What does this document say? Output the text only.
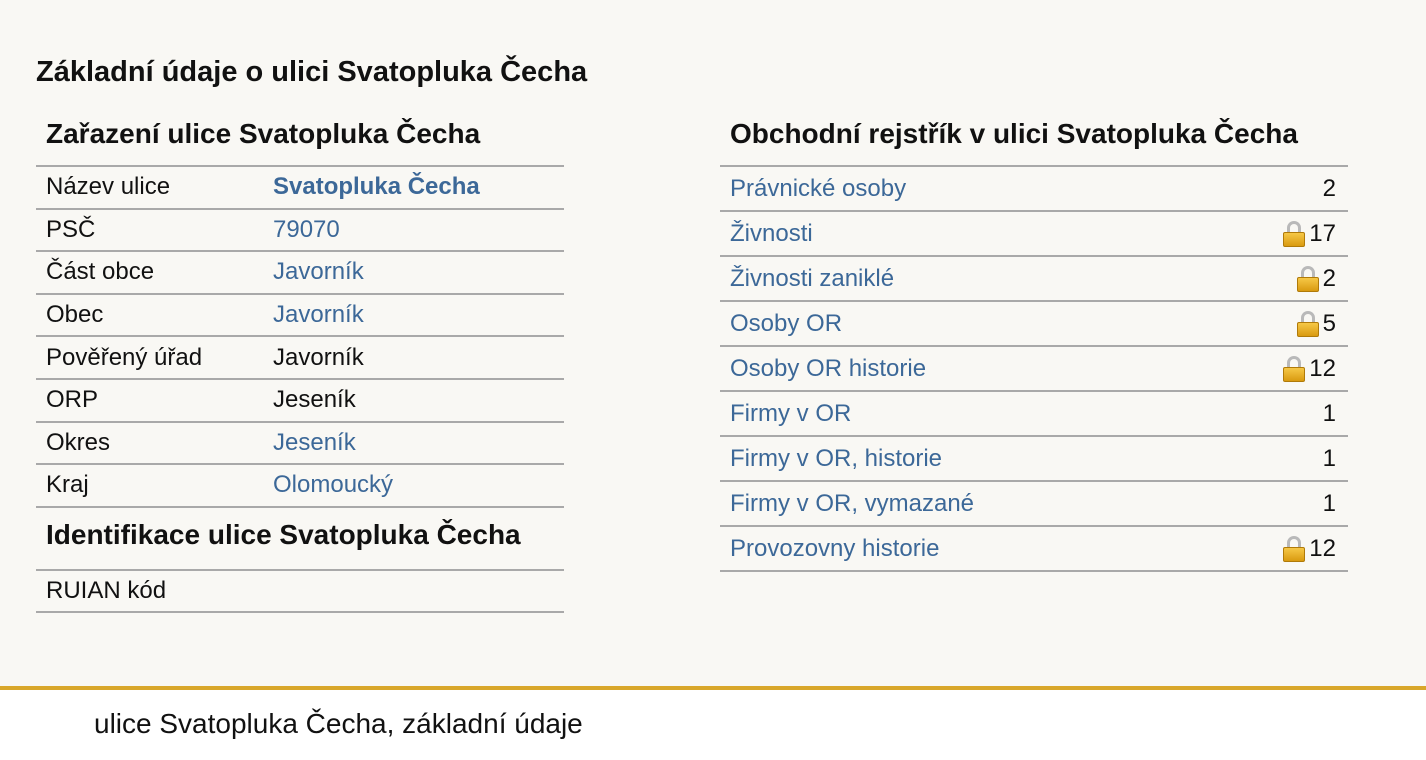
Základní údaje o ulici Svatopluka Čecha
Zařazení ulice Svatopluka Čecha
Název ulice	Svatopluka Čecha
PSČ	79070
Část obce	Javorník
Obec	Javorník
Pověřený úřad	Javorník
ORP	Jeseník
Okres	Jeseník
Kraj	Olomoucký
Identifikace ulice Svatopluka Čecha
RUIAN kód
Obchodní rejstřík v ulici Svatopluka Čecha
Právnické osoby	2
Živnosti	17
Živnosti zaniklé	2
Osoby OR	5
Osoby OR historie	12
Firmy v OR	1
Firmy v OR, historie	1
Firmy v OR, vymazané	1
Provozovny historie	12
ulice Svatopluka Čecha, základní údaje
